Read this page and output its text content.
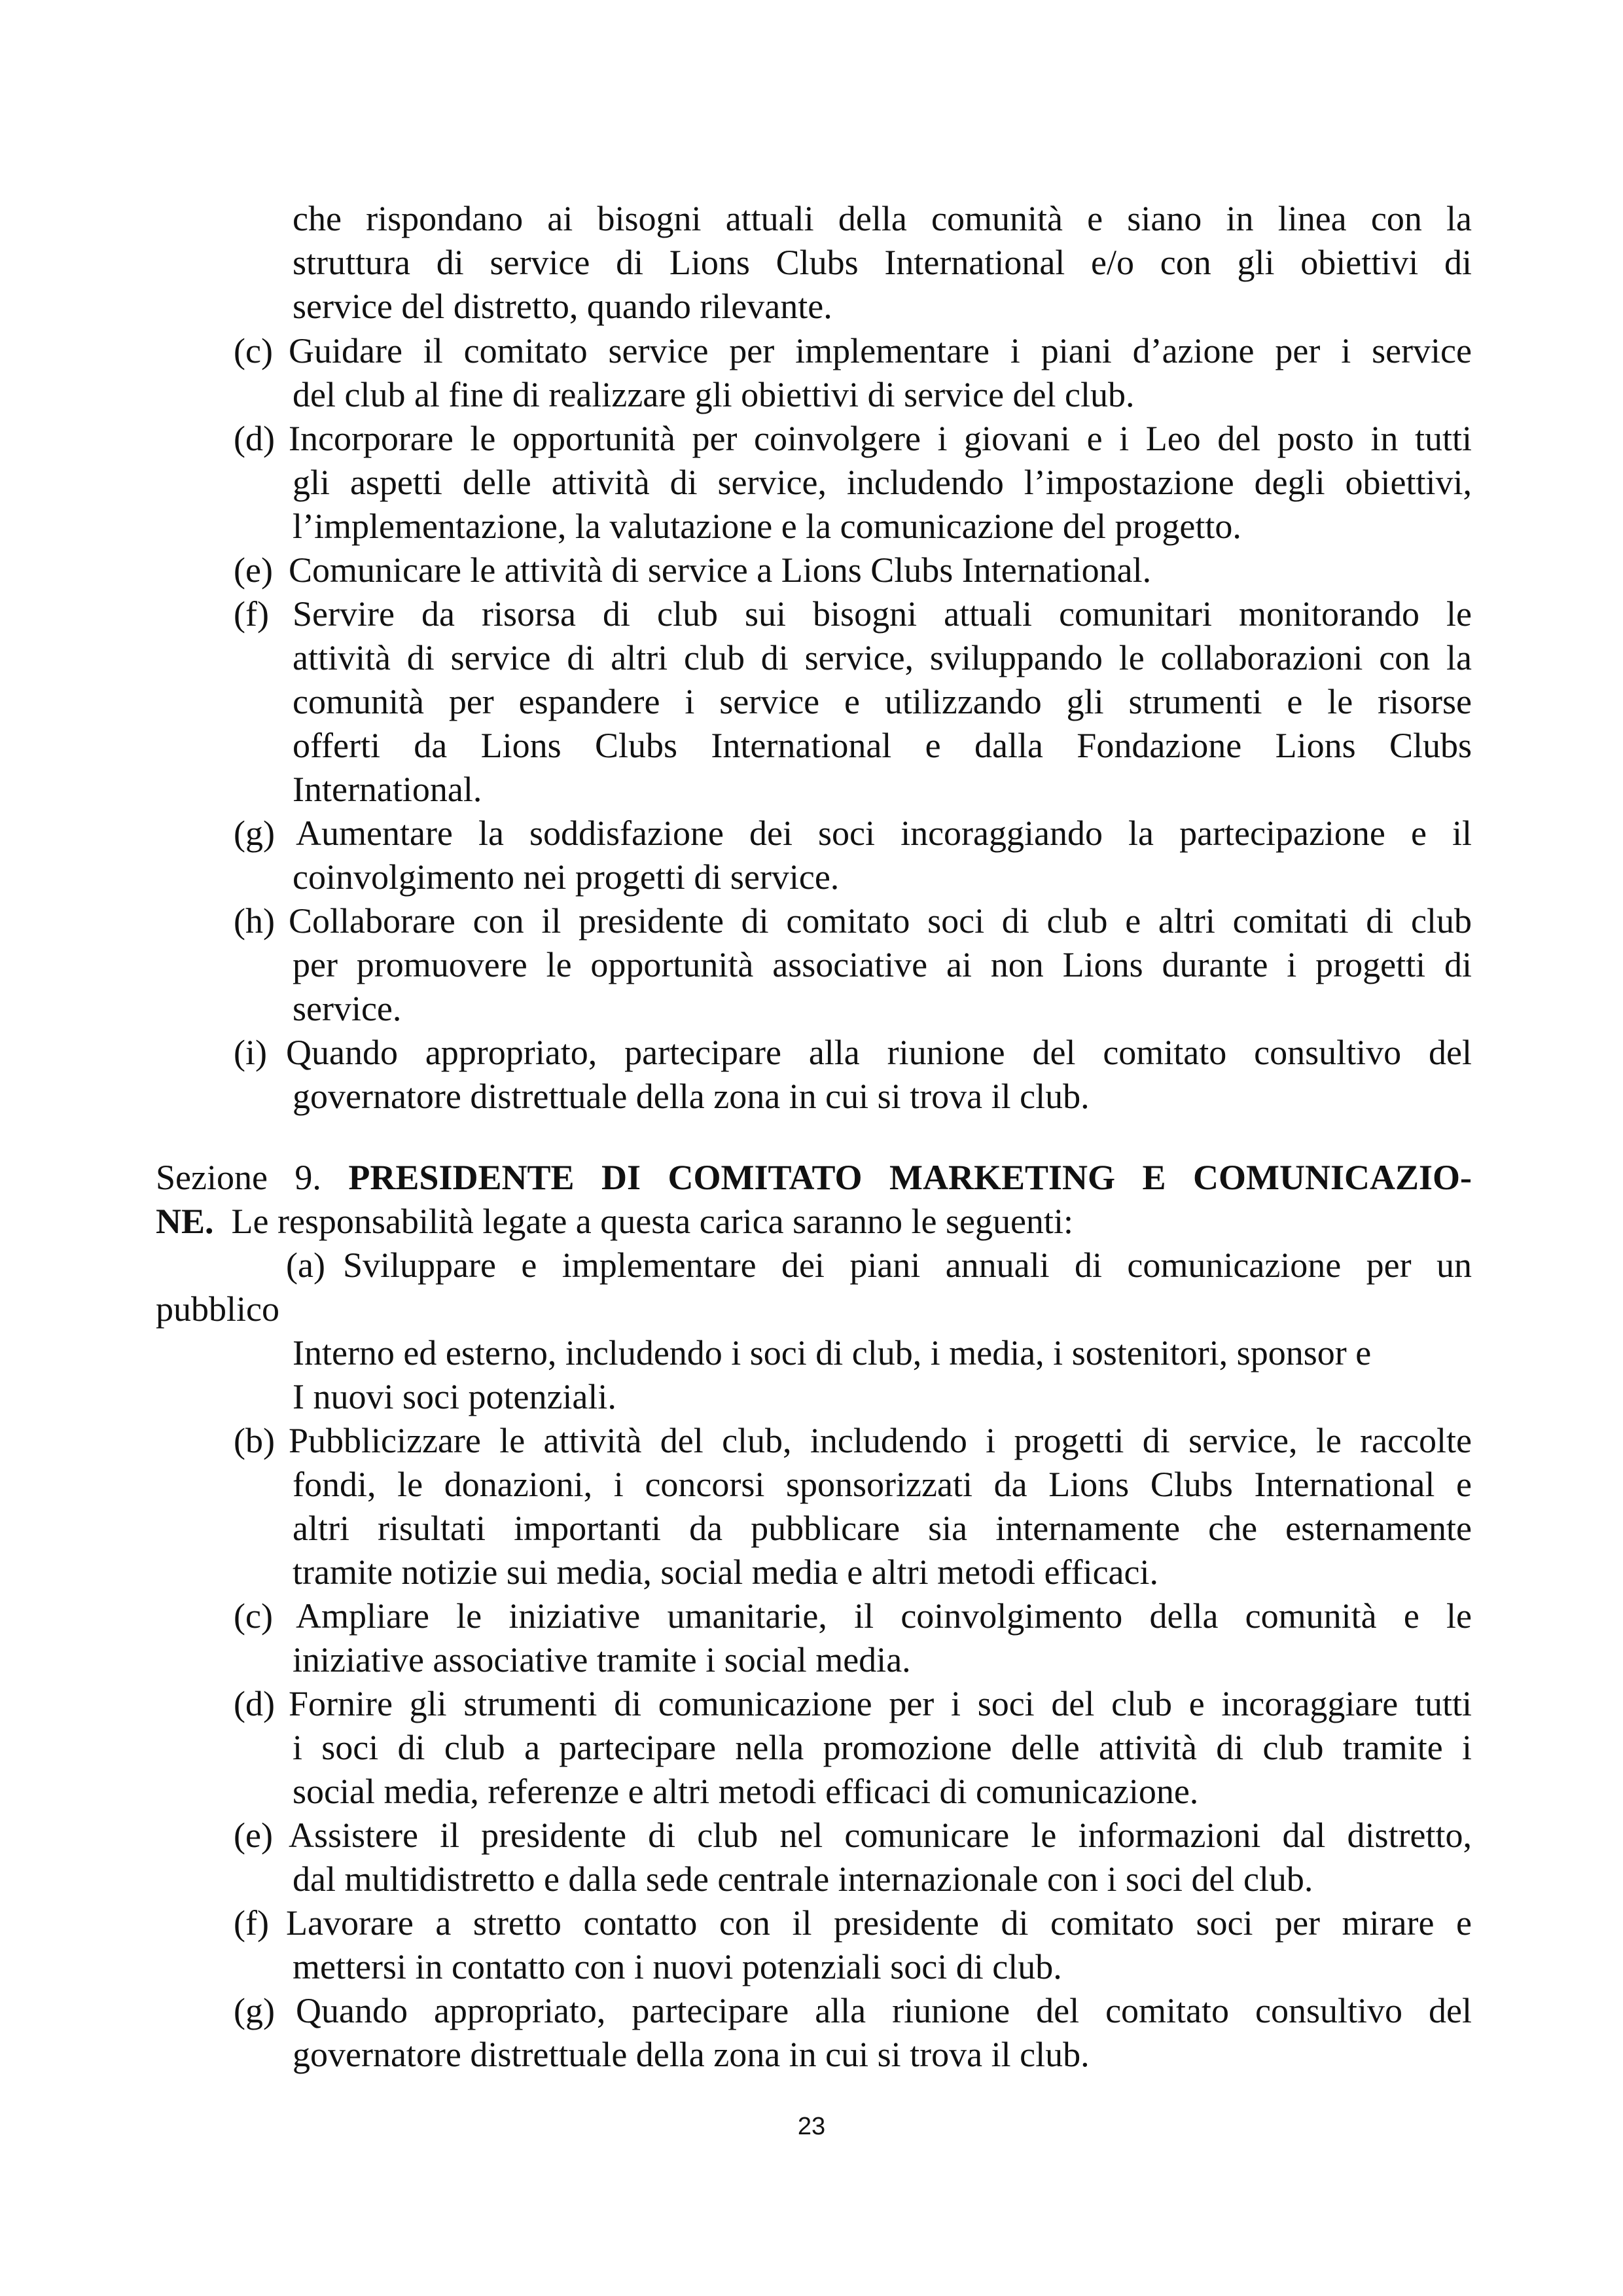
che rispondano ai bisogni attuali della comunità e siano in linea con la
struttura di service di Lions Clubs International e/o con gli obiettivi di
service del distretto, quando rilevante.
(c) Guidare il comitato service per implementare i piani d’azione per i service
del club al fine di realizzare gli obiettivi di service del club.
(d) Incorporare le opportunità per coinvolgere i giovani e i Leo del posto in tutti
gli aspetti delle attività di service, includendo l’impostazione degli obiettivi,
l’implementazione, la valutazione e la comunicazione del progetto.
(e) Comunicare le attività di service a Lions Clubs International.
(f) Servire da risorsa di club sui bisogni attuali comunitari monitorando le
attività di service di altri club di service, sviluppando le collaborazioni con la
comunità per espandere i service e utilizzando gli strumenti e le risorse
offerti da Lions Clubs International e dalla Fondazione Lions Clubs
International.
(g) Aumentare la soddisfazione dei soci incoraggiando la partecipazione e il
coinvolgimento nei progetti di service.
(h) Collaborare con il presidente di comitato soci di club e altri comitati di club
per promuovere le opportunità associative ai non Lions durante i progetti di
service.
(i) Quando appropriato, partecipare alla riunione del comitato consultivo del
governatore distrettuale della zona in cui si trova il club.
Sezione 9. PRESIDENTE DI COMITATO MARKETING E COMUNICAZIO-
NE. Le responsabilità legate a questa carica saranno le seguenti:
(a) Sviluppare e implementare dei piani annuali di comunicazione per un
pubblico
Interno ed esterno, includendo i soci di club, i media, i sostenitori, sponsor e
I nuovi soci potenziali.
(b) Pubblicizzare le attività del club, includendo i progetti di service, le raccolte
fondi, le donazioni, i concorsi sponsorizzati da Lions Clubs International e
altri risultati importanti da pubblicare sia internamente che esternamente
tramite notizie sui media, social media e altri metodi efficaci.
(c) Ampliare le iniziative umanitarie, il coinvolgimento della comunità e le
iniziative associative tramite i social media.
(d) Fornire gli strumenti di comunicazione per i soci del club e incoraggiare tutti
i soci di club a partecipare nella promozione delle attività di club tramite i
social media, referenze e altri metodi efficaci di comunicazione.
(e) Assistere il presidente di club nel comunicare le informazioni dal distretto,
dal multidistretto e dalla sede centrale internazionale con i soci del club.
(f) Lavorare a stretto contatto con il presidente di comitato soci per mirare e
mettersi in contatto con i nuovi potenziali soci di club.
(g) Quando appropriato, partecipare alla riunione del comitato consultivo del
governatore distrettuale della zona in cui si trova il club.
23
